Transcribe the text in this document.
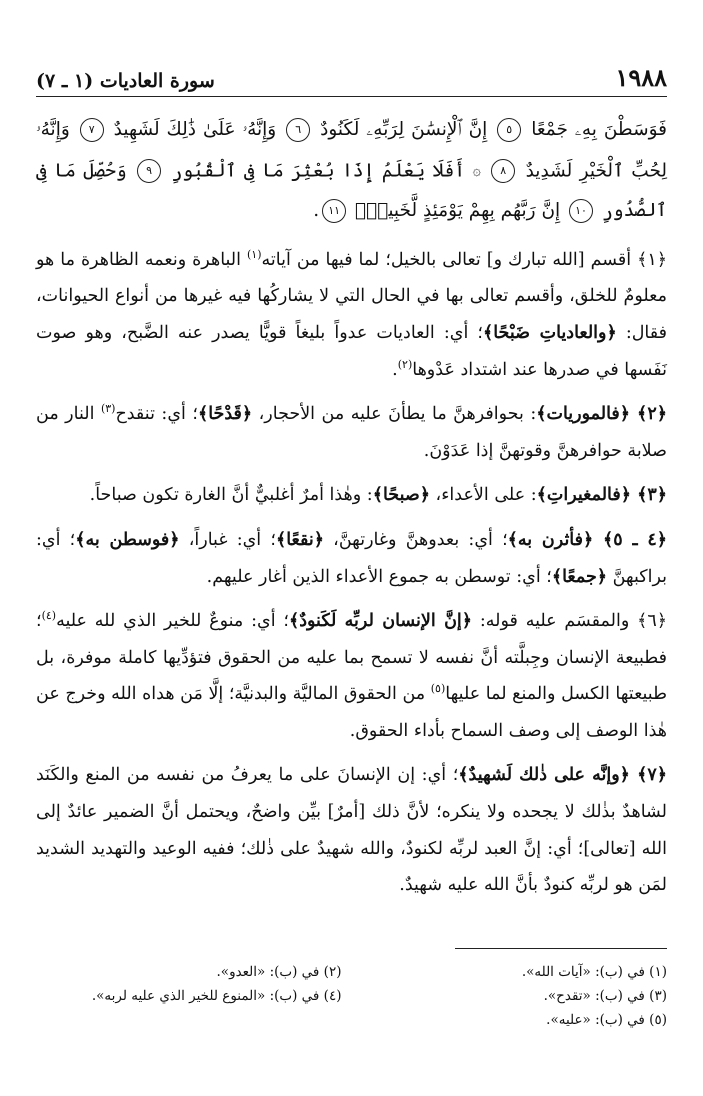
١٩٨٨
سورة العاديات (١ ـ ٧)

فَوَسَطْنَ بِهِۦ جَمْعًا ٥ إِنَّ ٱلْإِنسَٰنَ لِرَبِّهِۦ لَكَنُودٌ ٦ وَإِنَّهُۥ عَلَىٰ ذَٰلِكَ لَشَهِيدٌ ٧ وَإِنَّهُۥ لِحُبِّ ٱلْخَيْرِ لَشَدِيدٌ ٨ ۞ أَفَلَا يَعْلَمُ إِذَا بُعْثِرَ مَا فِى ٱلْقُبُورِ ٩ وَحُصِّلَ مَا فِى ٱلصُّدُورِ ١٠ إِنَّ رَبَّهُم بِهِمْ يَوْمَئِذٍ لَّخَبِيرٌۢ ١١.

﴿١﴾ أقسم [الله تبارك و] تعالى بالخيل؛ لما فيها من آياته$^{(١)}$ الباهرة ونعمه الظاهرة ما هو معلومٌ للخلق، وأقسم تعالى بها في الحال التي لا يشاركُها فيه غيرها من أنواع الحيوانات، فقال: ﴿والعادياتِ ضَبْحًا﴾؛ أي: العاديات عدواً بليغاً قويًّا يصدر عنه الضَّبح، وهو صوت نَفَسها في صدرها عند اشتداد عَدْوها$^{(٢)}$.

﴿٢﴾ ﴿فالموريات﴾: بحوافرهنَّ ما يطأنَ عليه من الأحجار، ﴿قَدْحًا﴾؛ أي: تنقدح$^{(٣)}$ النار من صلابة حوافرهنَّ وقوتهنَّ إذا عَدَوْنَ.

﴿٣﴾ ﴿فالمغيراتِ﴾: على الأعداء، ﴿صبحًا﴾: وهٰذا أمرٌ أغلبيٌّ أنَّ الغارة تكون صباحاً.

﴿٤ ـ ٥﴾ ﴿فأثرن به﴾؛ أي: بعدوهنَّ وغارتهنَّ، ﴿نقعًا﴾؛ أي: غباراً، ﴿فوسطن به﴾؛ أي: براكبهنَّ ﴿جمعًا﴾؛ أي: توسطن به جموع الأعداء الذين أغار عليهم.

﴿٦﴾ والمقسَم عليه قوله: ﴿إنَّ الإنسان لربِّه لَكَنودٌ﴾؛ أي: منوعٌ للخير الذي لله عليه$^{(٤)}$؛ فطبيعة الإنسان وجِبلَّته أنَّ نفسه لا تسمح بما عليه من الحقوق فتؤدِّيها كاملة موفرة، بل طبيعتها الكسل والمنع لما عليها$^{(٥)}$ من الحقوق الماليَّة والبدنيَّة؛ إلَّا مَن هداه الله وخرج عن هٰذا الوصف إلى وصف السماح بأداء الحقوق.

﴿٧﴾ ﴿وإنَّه على ذٰلك لَشهيدٌ﴾؛ أي: إن الإنسانَ على ما يعرفُ من نفسه من المنع والكَنَد لشاهدٌ بذٰلك لا يجحده ولا ينكره؛ لأنَّ ذلك [أمرٌ] بيِّن واضحٌ، ويحتمل أنَّ الضمير عائدٌ إلى الله [تعالى]؛ أي: إنَّ العبد لربِّه لكنودٌ، والله شهيدٌ على ذٰلك؛ ففيه الوعيد والتهديد الشديد لمَن هو لربِّه كنودٌ بأنَّ الله عليه شهيدٌ.

(١) في (ب): «آيات الله».
(٢) في (ب): «العدو».
(٣) في (ب): «تقدح».
(٤) في (ب): «المنوع للخير الذي عليه لربه».
(٥) في (ب): «عليه».
